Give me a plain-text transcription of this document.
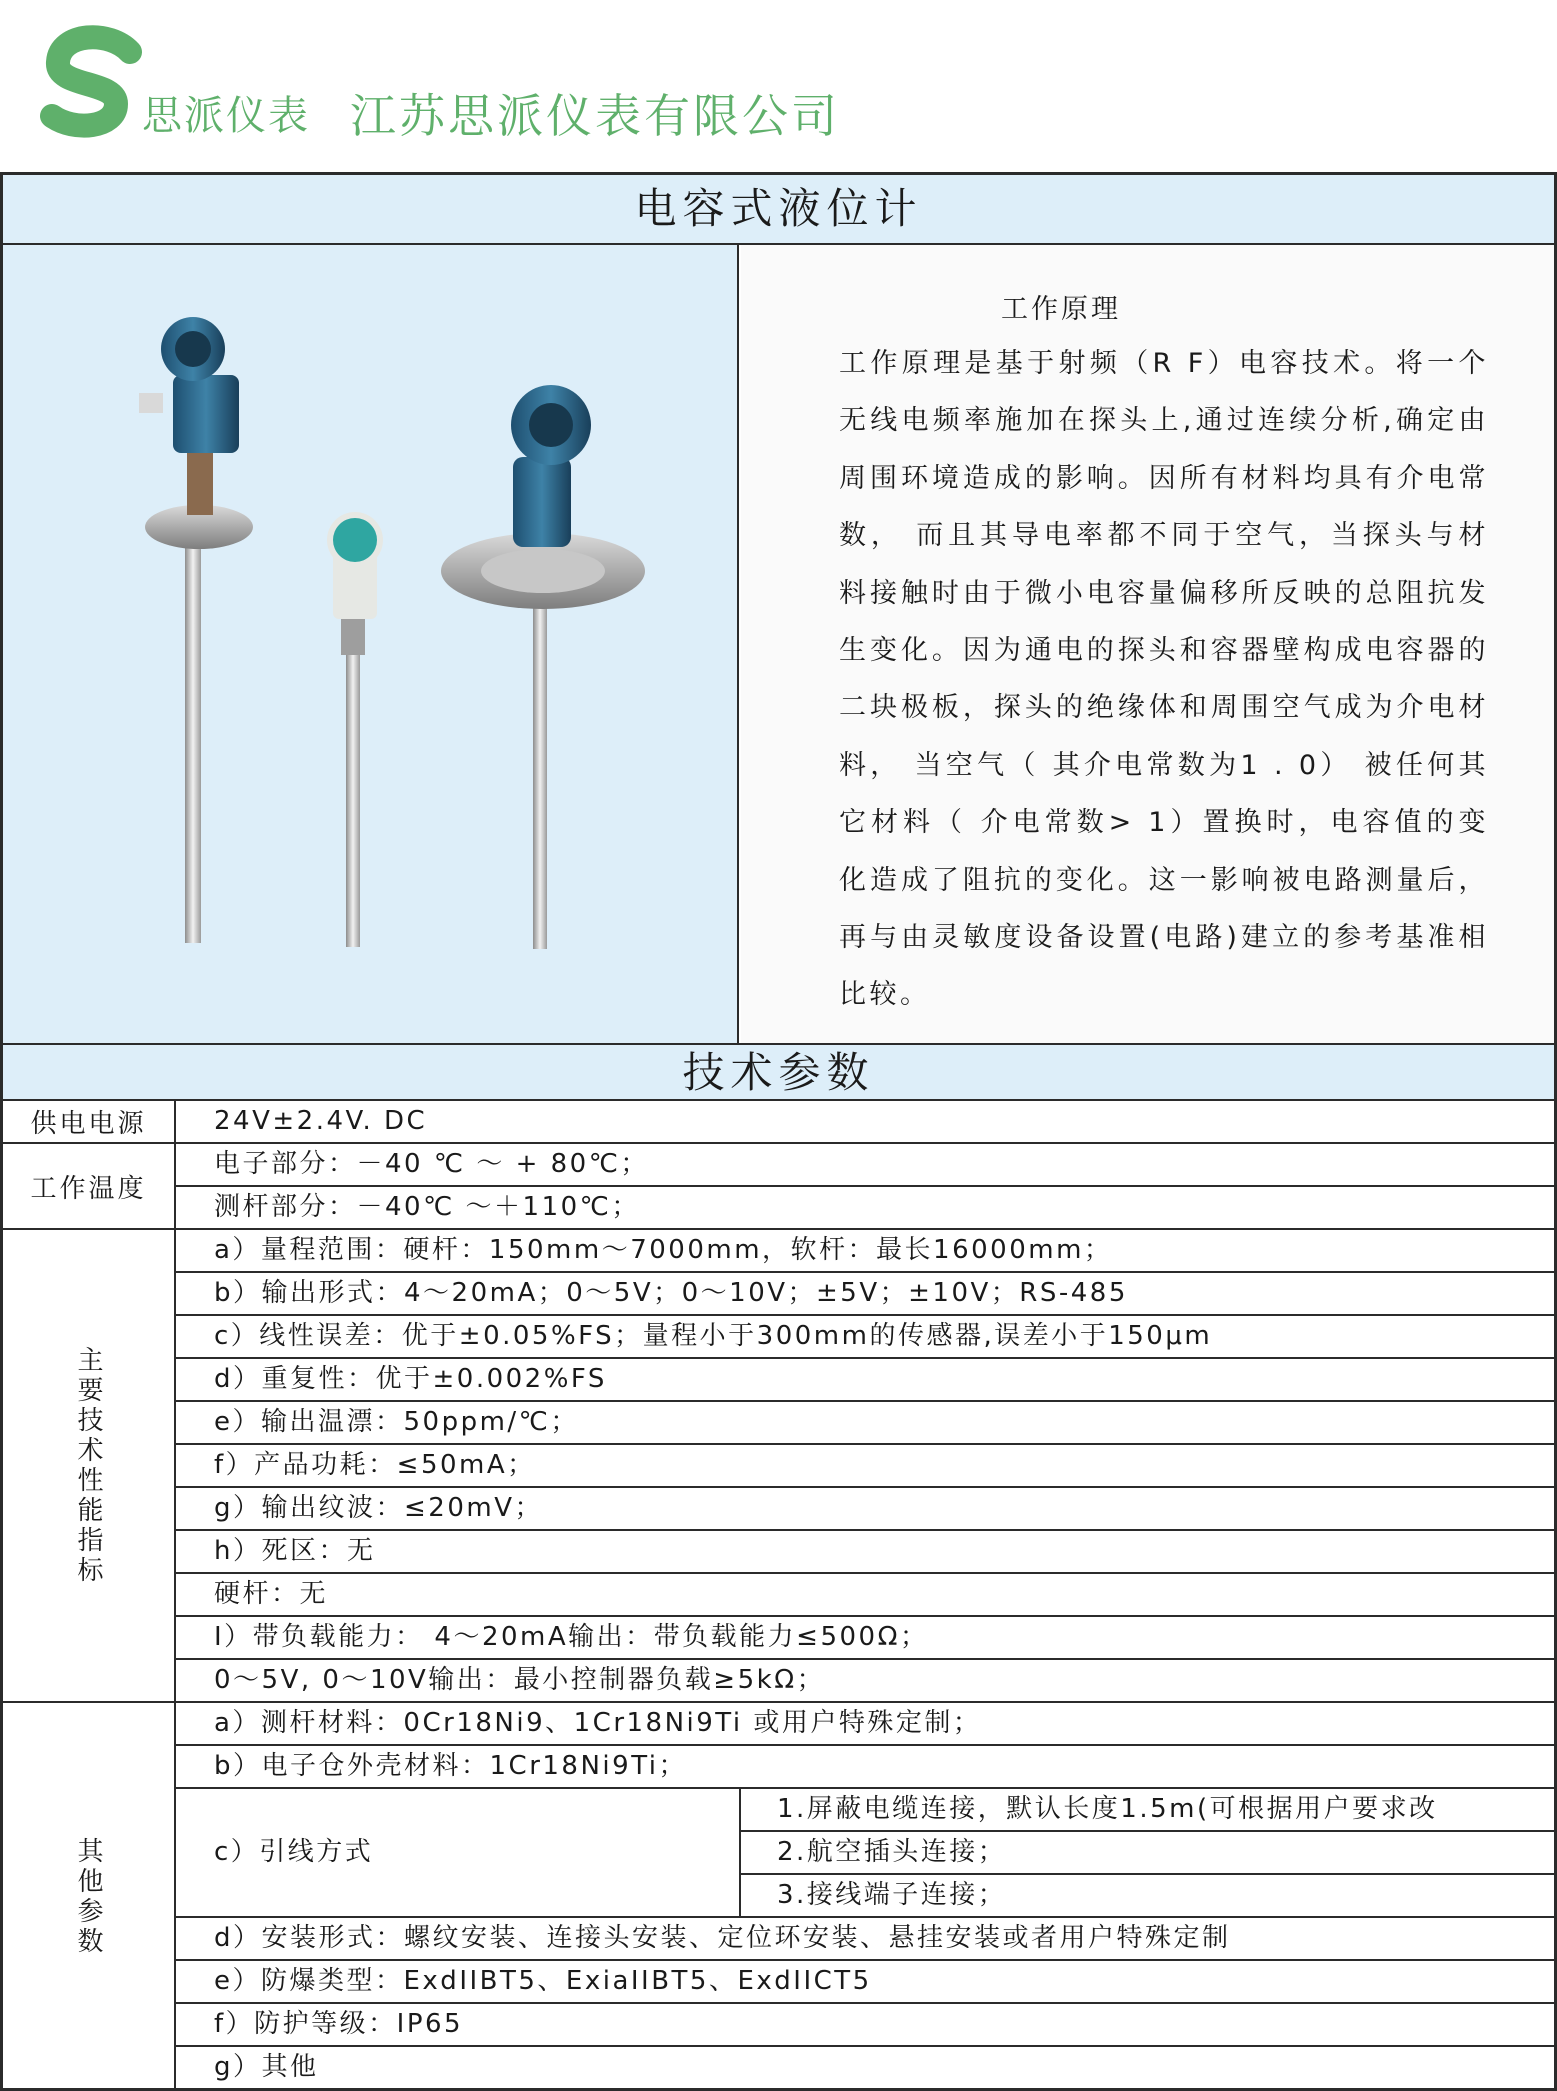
思派仪表 江苏思派仪表有限公司
电容式液位计
工作原理
工作原理是基于射频（R F）电容技术。将一个无线电频率施加在探头上,通过连续分析,确定由周围环境造成的影响。因所有材料均具有介电常数， 而且其导电率都不同于空气，当探头与材料接触时由于微小电容量偏移所反映的总阻抗发生变化。因为通电的探头和容器壁构成电容器的二块极板，探头的绝缘体和周围空气成为介电材料， 当空气（ 其介电常数为1 . 0） 被任何其它材料（ 介电常数> 1）置换时，电容值的变化造成了阻抗的变化。这一影响被电路测量后，再与由灵敏度设备设置(电路)建立的参考基准相比较。
技术参数
供电电源	24V±2.4V. DC
工作温度
电子部分：－40 ℃ ～ + 80℃；
测杆部分：－40℃ ～＋110℃；
主要技术性能指标
a）量程范围：硬杆：150mm～7000mm，软杆：最长16000mm；
b）输出形式：4～20mA；0～5V；0～10V；±5V；±10V；RS-485
c）线性误差：优于±0.05%FS；量程小于300mm的传感器,误差小于150μm
d）重复性：优于±0.002%FS
e）输出温漂：50ppm/℃；
f）产品功耗：≤50mA；
g）输出纹波：≤20mV；
h）死区：无
硬杆：无
I）带负载能力： 4～20mA输出：带负载能力≤500Ω；
0～5V, 0～10V输出：最小控制器负载≥5kΩ；
其他参数
a）测杆材料：0Cr18Ni9、1Cr18Ni9Ti 或用户特殊定制；
b）电子仓外壳材料：1Cr18Ni9Ti；
c）引线方式
1.屏蔽电缆连接，默认长度1.5m(可根据用户要求改
2.航空插头连接；
3.接线端子连接；
d）安装形式：螺纹安装、连接头安装、定位环安装、悬挂安装或者用户特殊定制
e）防爆类型：ExdIIBT5、ExiaIIBT5、ExdIICT5
f）防护等级：IP65
g）其他
